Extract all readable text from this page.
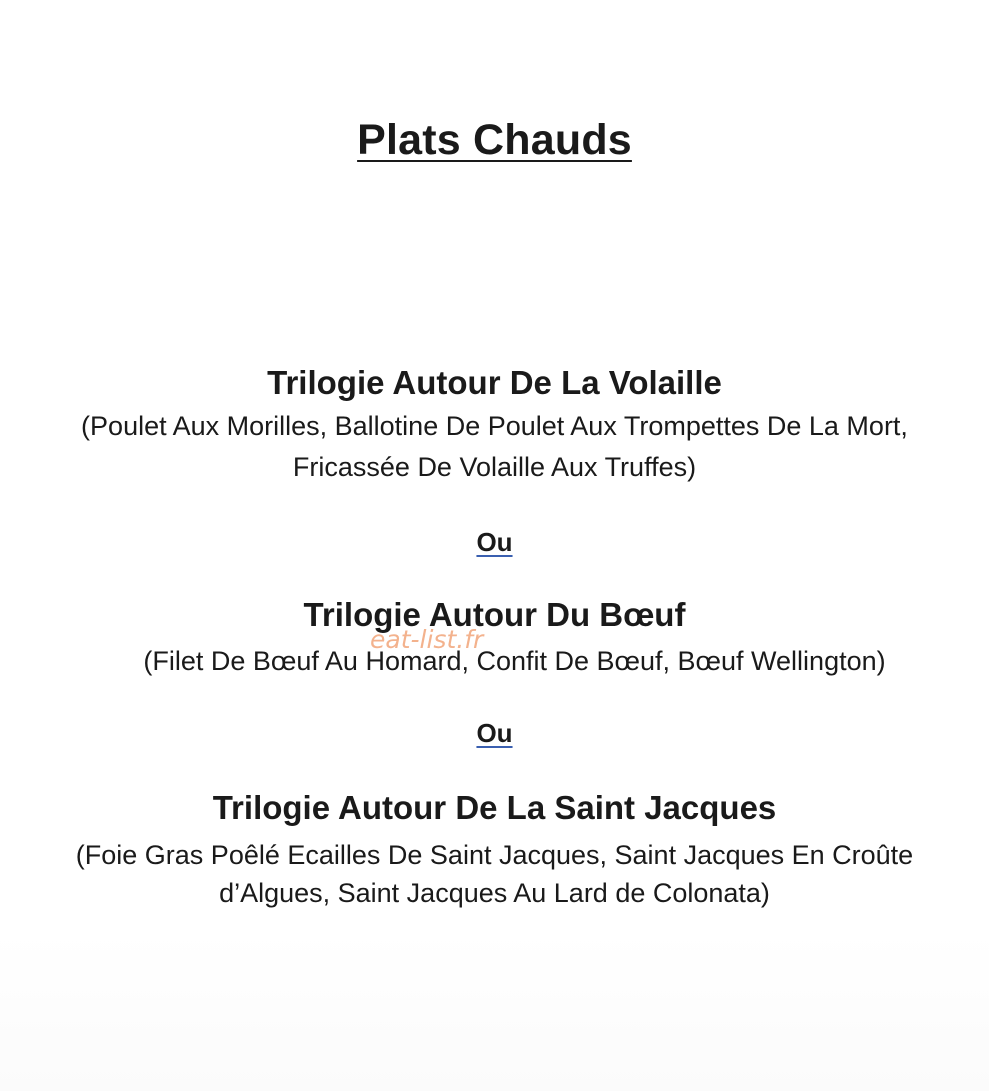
Plats Chauds
Trilogie Autour De La Volaille
(Poulet Aux Morilles, Ballotine De Poulet Aux Trompettes De La Mort,
Fricassée De Volaille Aux Truffes)
Ou
Trilogie Autour Du Bœuf
(Filet De Bœuf Au Homard, Confit De Bœuf, Bœuf Wellington)
Ou
Trilogie Autour De La Saint Jacques
(Foie Gras Poêlé Ecailles De Saint Jacques, Saint Jacques En Croûte
d’Algues, Saint Jacques Au Lard de Colonata)
eat-list.fr
